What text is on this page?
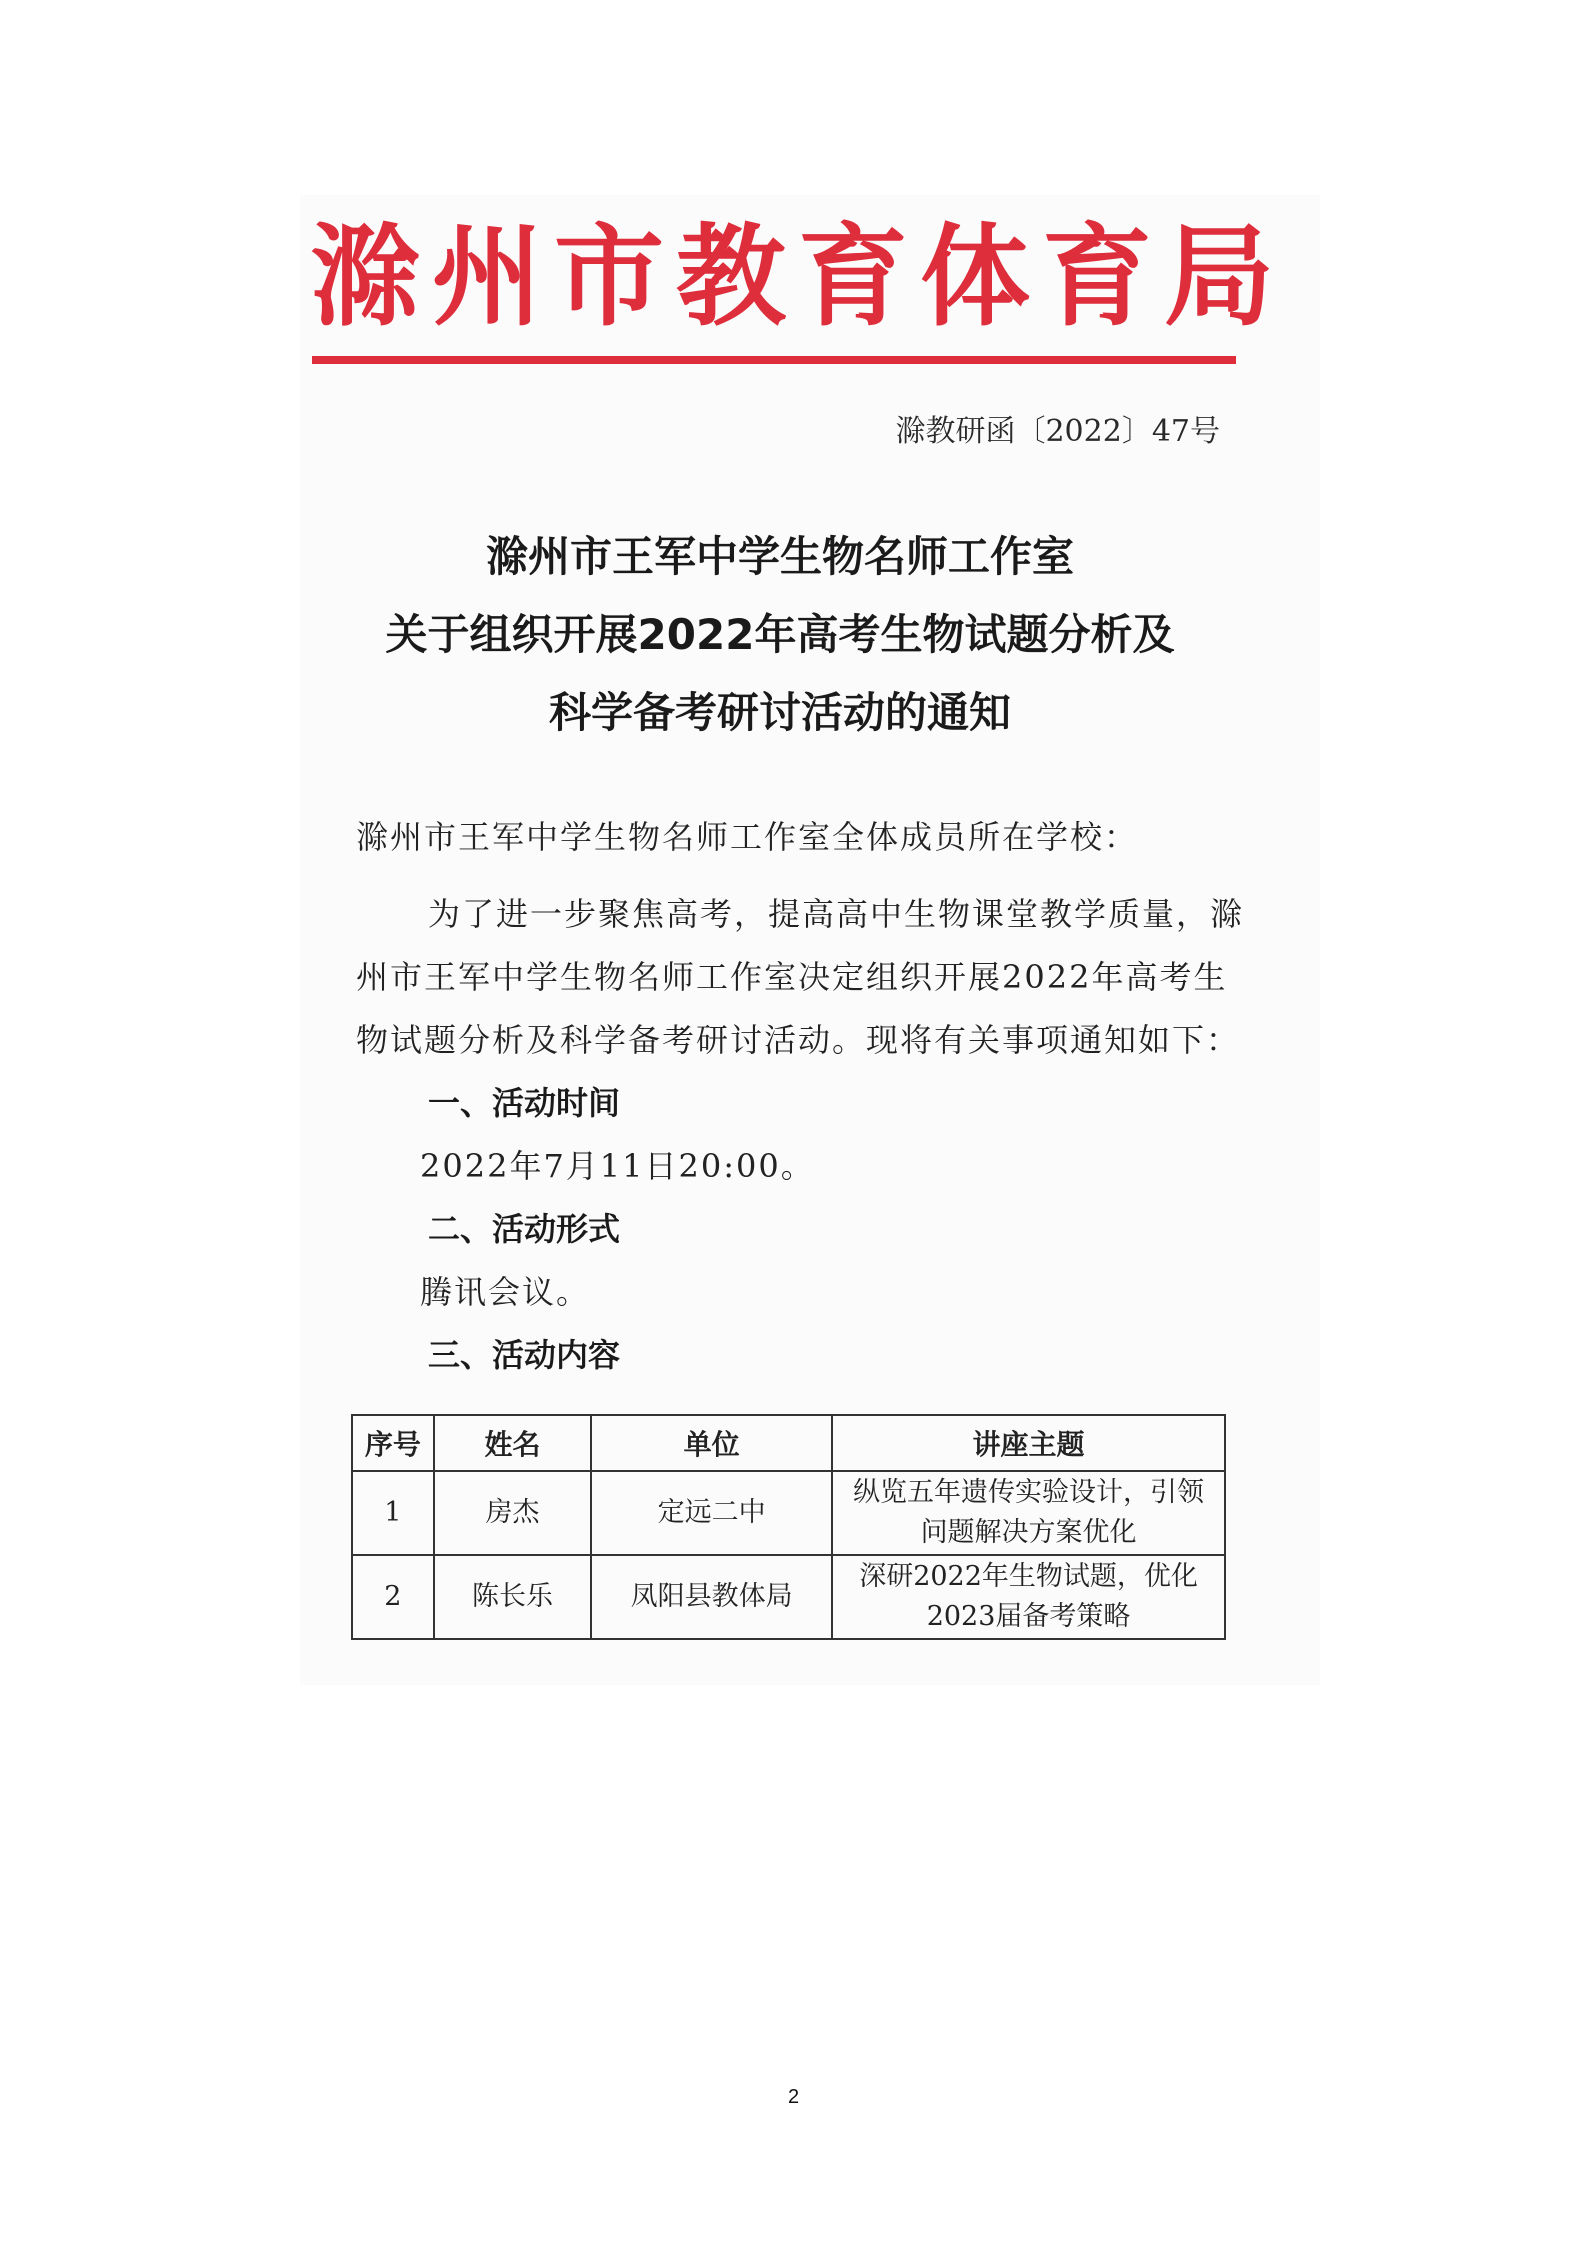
滁州市教育体育局
滁教研函〔2022〕47号
滁州市王军中学生物名师工作室
关于组织开展2022年高考生物试题分析及
科学备考研讨活动的通知
滁州市王军中学生物名师工作室全体成员所在学校：
为了进一步聚焦高考，提高高中生物课堂教学质量，滁
州市王军中学生物名师工作室决定组织开展2022年高考生
物试题分析及科学备考研讨活动。现将有关事项通知如下：
一、活动时间
2022年7月11日20:00。
二、活动形式
腾讯会议。
三、活动内容
序号	姓名	单位	讲座主题
1	房杰	定远二中	纵览五年遗传实验设计，引领
问题解决方案优化

2	陈长乐	凤阳县教体局	深研2022年生物试题，优化
2023届备考策略
2
